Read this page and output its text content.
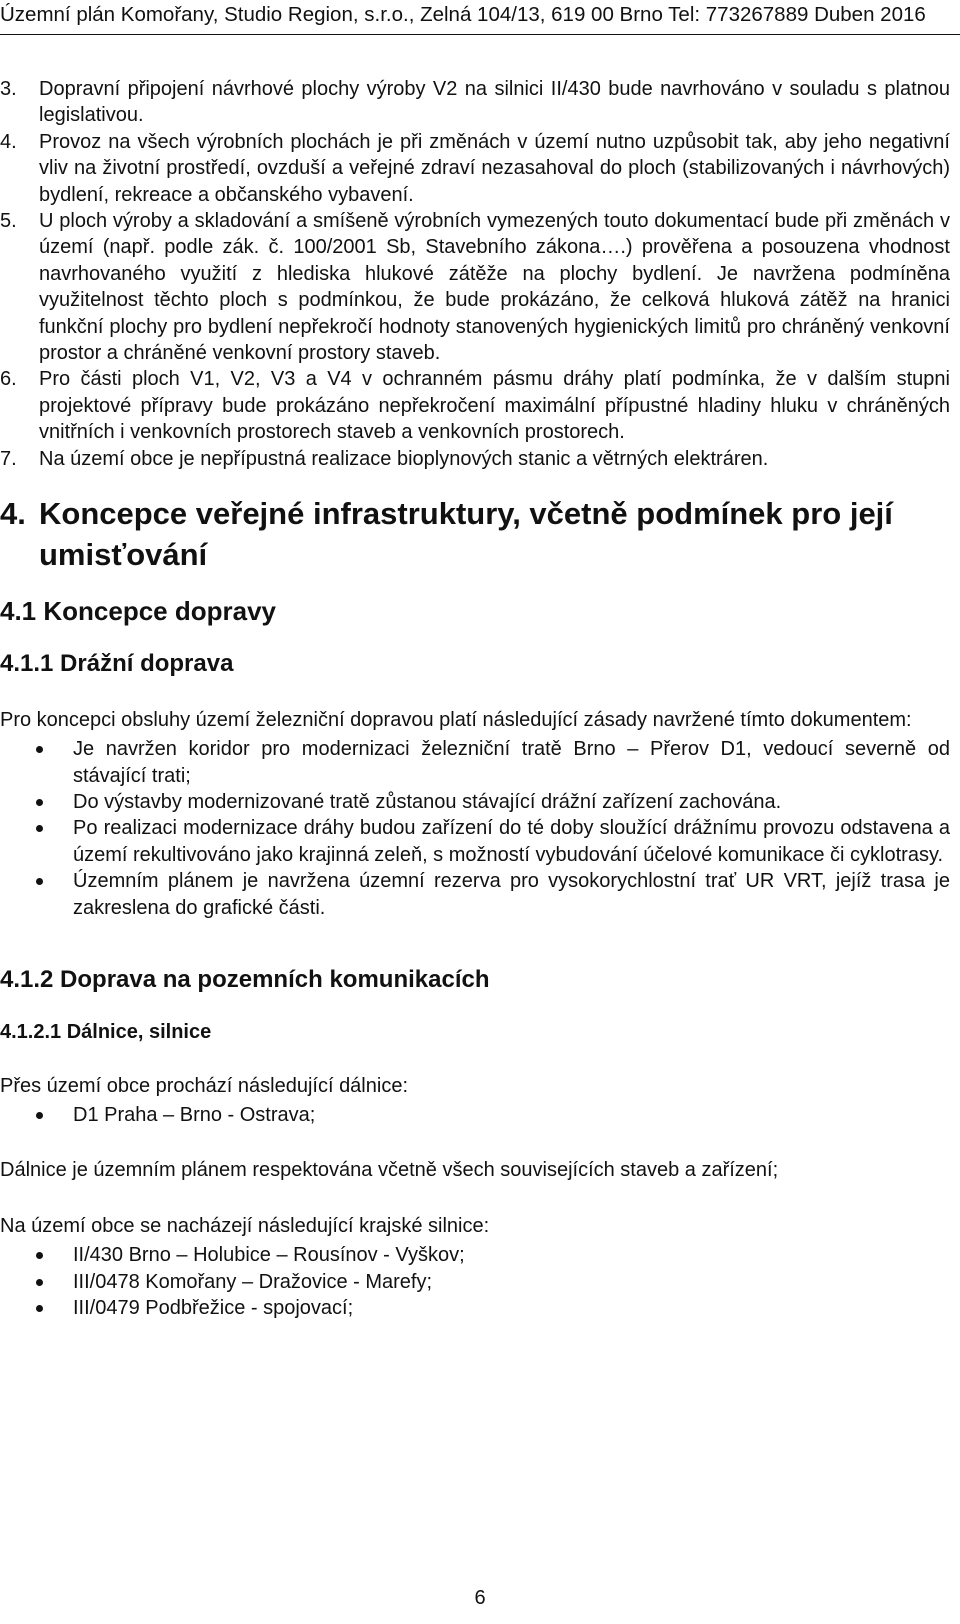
Územní plán Komořany, Studio Region, s.r.o., Zelná 104/13, 619 00 Brno Tel: 773267889 Duben 2016
3. Dopravní připojení návrhové plochy výroby V2 na silnici II/430 bude navrhováno v souladu s platnou legislativou.
4. Provoz na všech výrobních plochách je při změnách v území nutno uzpůsobit tak, aby jeho negativní vliv na životní prostředí, ovzduší a veřejné zdraví nezasahoval do ploch (stabilizovaných i návrhových) bydlení, rekreace a občanského vybavení.
5. U ploch výroby a skladování a smíšeně výrobních vymezených touto dokumentací bude při změnách v území (např. podle zák. č. 100/2001 Sb, Stavebního zákona….) prověřena a posouzena vhodnost navrhovaného využití z hlediska hlukové zátěže na plochy bydlení. Je navržena podmíněna využitelnost těchto ploch s podmínkou, že bude prokázáno, že celková hluková zátěž na hranici funkční plochy pro bydlení nepřekročí hodnoty stanovených hygienických limitů pro chráněný venkovní prostor a chráněné venkovní prostory staveb.
6. Pro části ploch V1, V2, V3 a V4 v ochranném pásmu dráhy platí podmínka, že v dalším stupni projektové přípravy bude prokázáno nepřekročení maximální přípustné hladiny hluku v chráněných vnitřních i venkovních prostorech staveb a venkovních prostorech.
7. Na území obce je nepřípustná realizace bioplynových stanic a větrných elektráren.
4. Koncepce veřejné infrastruktury, včetně podmínek pro její umisťování
4.1 Koncepce dopravy
4.1.1 Drážní doprava

Pro koncepci obsluhy území železniční dopravou platí následující zásady navržené tímto dokumentem:

Je navržen koridor pro modernizaci železniční tratě Brno – Přerov D1, vedoucí severně od stávající trati;
Do výstavby modernizované tratě zůstanou stávající drážní zařízení zachována.
Po realizaci modernizace dráhy budou zařízení do té doby sloužící drážnímu provozu odstavena a území rekultivováno jako krajinná zeleň, s možností vybudování účelové komunikace či cyklotrasy.
Územním plánem je navržena územní rezerva pro vysokorychlostní trať UR VRT, jejíž trasa je zakreslena do grafické části.
4.1.2 Doprava na pozemních komunikacích
4.1.2.1 Dálnice, silnice

Přes území obce prochází následující dálnice:

D1 Praha – Brno - Ostrava;

Dálnice je územním plánem respektována včetně všech souvisejících staveb a zařízení;

Na území obce se nacházejí následující krajské silnice:

II/430 Brno – Holubice – Rousínov - Vyškov;
III/0478 Komořany – Dražovice - Marefy;
III/0479 Podbřežice - spojovací;
6
